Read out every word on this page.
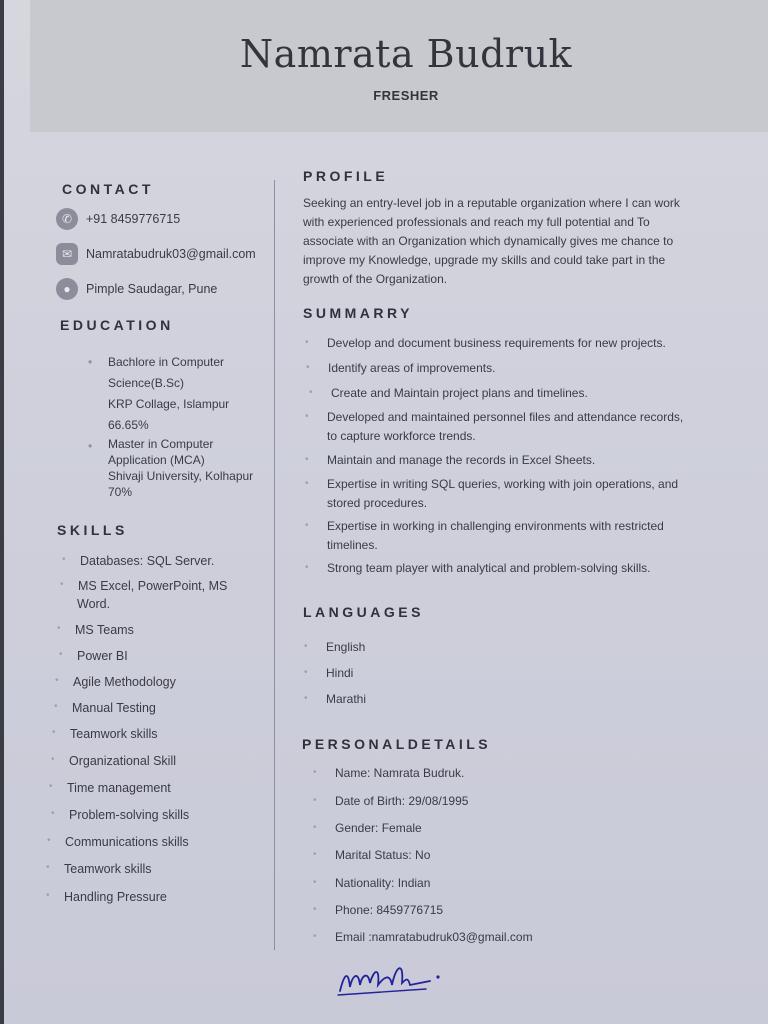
Namrata Budruk
FRESHER
CONTACT
✆	+91 8459776715
✉	Namratabudruk03@gmail.com
●	Pimple Saudagar, Pune
EDUCATION
• Bachlore in Computer
Science(B.Sc)
KRP Collage, Islampur
66.65%
• Master in Computer
Application (MCA)
Shivaji University, Kolhapur
70%
SKILLS
• Databases: SQL Server.
• MS Excel, PowerPoint, MS
Word.
• MS Teams
• Power BI
• Agile Methodology
• Manual Testing
• Teamwork skills
• Organizational Skill
• Time management
• Problem-solving skills
• Communications skills
• Teamwork skills
• Handling Pressure
PROFILE
Seeking an entry-level job in a reputable organization where I can work
with experienced professionals and reach my full potential and To
associate with an Organization which dynamically gives me chance to
improve my Knowledge, upgrade my skills and could take part in the
growth of the Organization.
SUMMARRY
• Develop and document business requirements for new projects.
• Identify areas of improvements.
• Create and Maintain project plans and timelines.
• Developed and maintained personnel files and attendance records,
to capture workforce trends.
• Maintain and manage the records in Excel Sheets.
• Expertise in writing SQL queries, working with join operations, and
stored procedures.
• Expertise in working in challenging environments with restricted
timelines.
• Strong team player with analytical and problem-solving skills.
LANGUAGES
• English
• Hindi
• Marathi
PERSONALDETAILS
• Name: Namrata Budruk.
• Date of Birth: 29/08/1995
• Gender: Female
• Marital Status: No
• Nationality: Indian
• Phone: 8459776715
• Email :namratabudruk03@gmail.com
